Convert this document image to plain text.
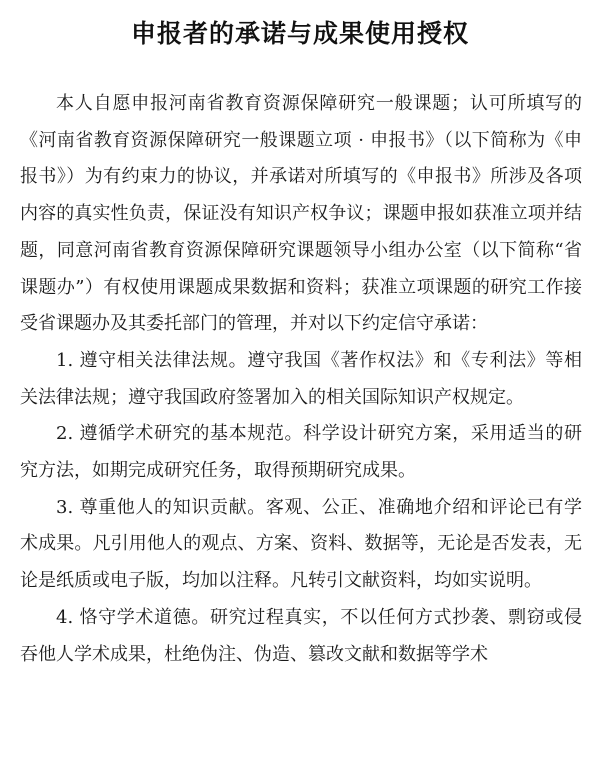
申报者的承诺与成果使用授权

本人自愿申报河南省教育资源保障研究一般课题；认可所填写的《河南省教育资源保障研究一般课题立项 · 申报书》（以下简称为《申报书》）为有约束力的协议，并承诺对所填写的《申报书》所涉及各项内容的真实性负责，保证没有知识产权争议；课题申报如获准立项并结题，同意河南省教育资源保障研究课题领导小组办公室（以下简称“省课题办”）有权使用课题成果数据和资料；获准立项课题的研究工作接受省课题办及其委托部门的管理，并对以下约定信守承诺：

1. 遵守相关法律法规。遵守我国《著作权法》和《专利法》等相关法律法规；遵守我国政府签署加入的相关国际知识产权规定。

2. 遵循学术研究的基本规范。科学设计研究方案，采用适当的研究方法，如期完成研究任务，取得预期研究成果。

3. 尊重他人的知识贡献。客观、公正、准确地介绍和评论已有学术成果。凡引用他人的观点、方案、资料、数据等，无论是否发表，无论是纸质或电子版，均加以注释。凡转引文献资料，均如实说明。

4. 恪守学术道德。研究过程真实，不以任何方式抄袭、剽窃或侵吞他人学术成果，杜绝伪注、伪造、篡改文献和数据等学术
